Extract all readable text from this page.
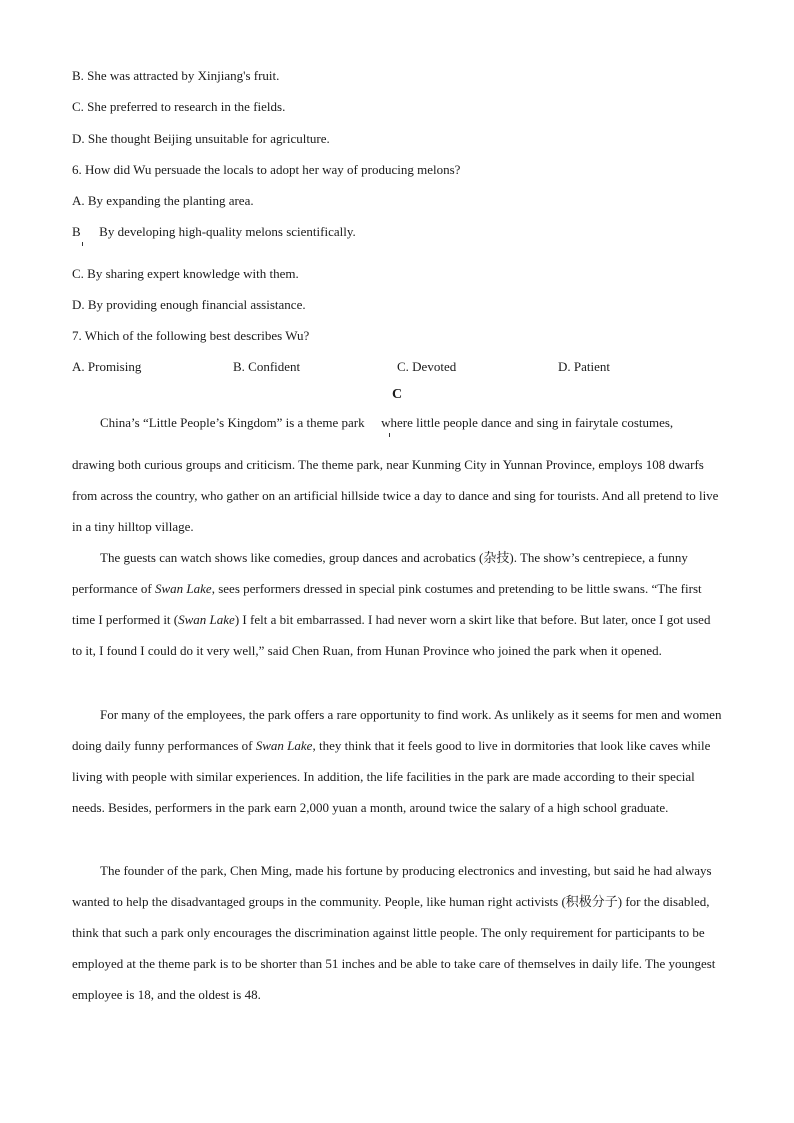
B. She was attracted by Xinjiang's fruit.
C. She preferred to research in the fields.
D. She thought Beijing unsuitable for agriculture.
6. How did Wu persuade the locals to adopt her way of producing melons?
A. By expanding the planting area.
B By developing high-quality melons scientifically.
C. By sharing expert knowledge with them.
D. By providing enough financial assistance.
7. Which of the following best describes Wu?
A. Promising	B. Confident	C. Devoted	D. Patient
C
China’s “Little People’s Kingdom” is a theme park where little people dance and sing in fairytale costumes,

drawing both curious groups and criticism. The theme park, near Kunming City in Yunnan Province, employs 108 dwarfs from across the country, who gather on an artificial hillside twice a day to dance and sing for tourists. And all pretend to live in a tiny hilltop village.

The guests can watch shows like comedies, group dances and acrobatics (杂技). The show’s centrepiece, a funny performance of Swan Lake, sees performers dressed in special pink costumes and pretending to be little swans. “The first time I performed it (Swan Lake) I felt a bit embarrassed. I had never worn a skirt like that before. But later, once I got used to it, I found I could do it very well,” said Chen Ruan, from Hunan Province who joined the park when it opened.

For many of the employees, the park offers a rare opportunity to find work. As unlikely as it seems for men and women doing daily funny performances of Swan Lake, they think that it feels good to live in dormitories that look like caves while living with people with similar experiences. In addition, the life facilities in the park are made according to their special needs. Besides, performers in the park earn 2,000 yuan a month, around twice the salary of a high school graduate.

The founder of the park, Chen Ming, made his fortune by producing electronics and investing, but said he had always wanted to help the disadvantaged groups in the community. People, like human right activists (积极分子) for the disabled, think that such a park only encourages the discrimination against little people. The only requirement for participants to be employed at the theme park is to be shorter than 51 inches and be able to take care of themselves in daily life. The youngest employee is 18, and the oldest is 48.
